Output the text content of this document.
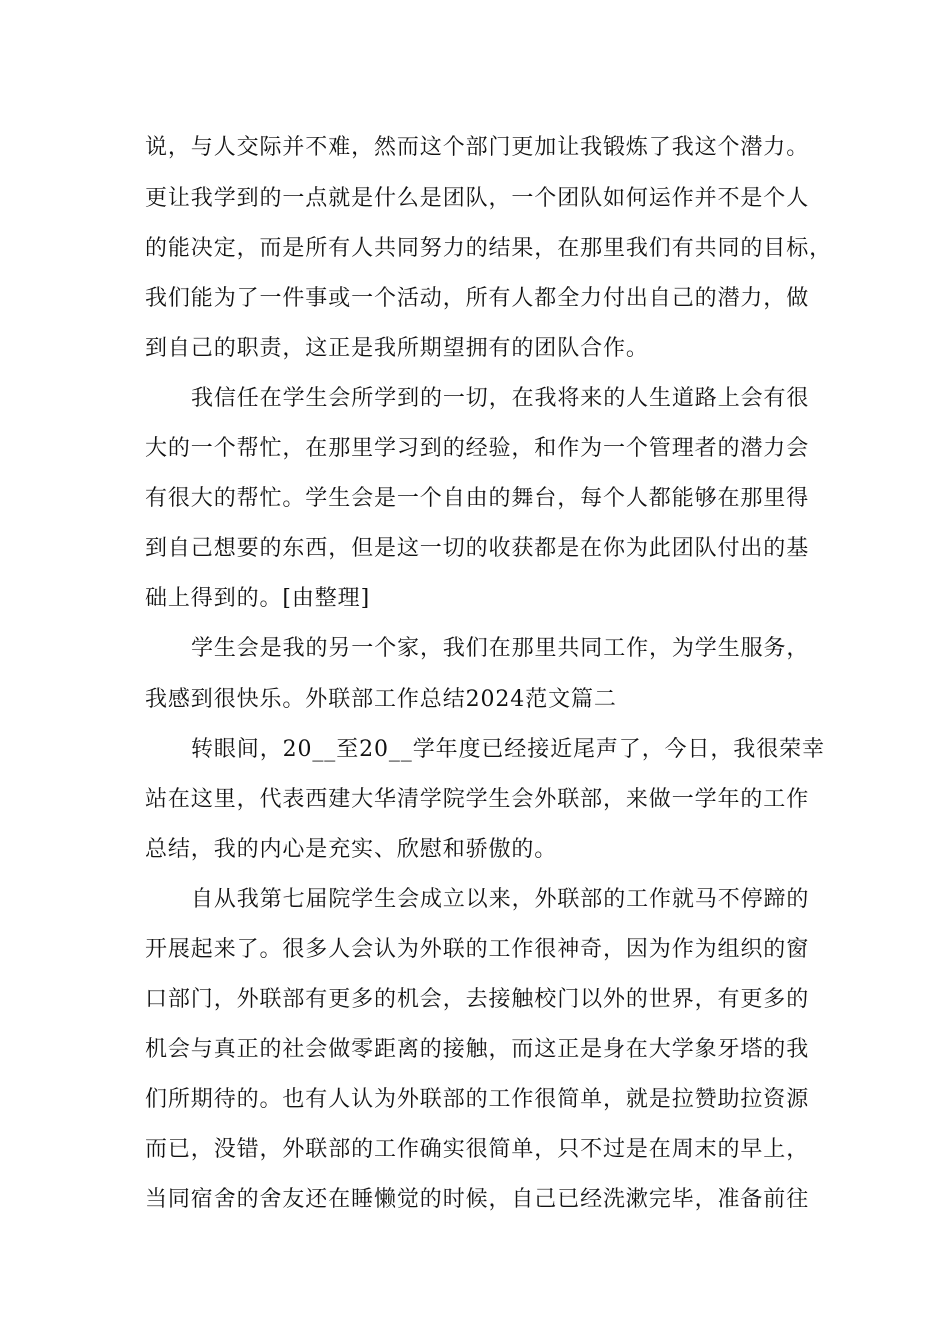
说，与人交际并不难，然而这个部门更加让我锻炼了我这个潜力。
更让我学到的一点就是什么是团队，一个团队如何运作并不是个人
的能决定，而是所有人共同努力的结果，在那里我们有共同的目标，
我们能为了一件事或一个活动，所有人都全力付出自己的潜力，做
到自己的职责，这正是我所期望拥有的团队合作。
我信任在学生会所学到的一切，在我将来的人生道路上会有很
大的一个帮忙，在那里学习到的经验，和作为一个管理者的潜力会
有很大的帮忙。学生会是一个自由的舞台，每个人都能够在那里得
到自己想要的东西，但是这一切的收获都是在你为此团队付出的基
础上得到的。[由整理]
学生会是我的另一个家，我们在那里共同工作，为学生服务，
我感到很快乐。外联部工作总结2024范文篇二
转眼间，20__至20__学年度已经接近尾声了，今日，我很荣幸
站在这里，代表西建大华清学院学生会外联部，来做一学年的工作
总结，我的内心是充实、欣慰和骄傲的。
自从我第七届院学生会成立以来，外联部的工作就马不停蹄的
开展起来了。很多人会认为外联的工作很神奇，因为作为组织的窗
口部门，外联部有更多的机会，去接触校门以外的世界，有更多的
机会与真正的社会做零距离的接触，而这正是身在大学象牙塔的我
们所期待的。也有人认为外联部的工作很简单，就是拉赞助拉资源
而已，没错，外联部的工作确实很简单，只不过是在周末的早上，
当同宿舍的舍友还在睡懒觉的时候，自己已经洗漱完毕，准备前往
